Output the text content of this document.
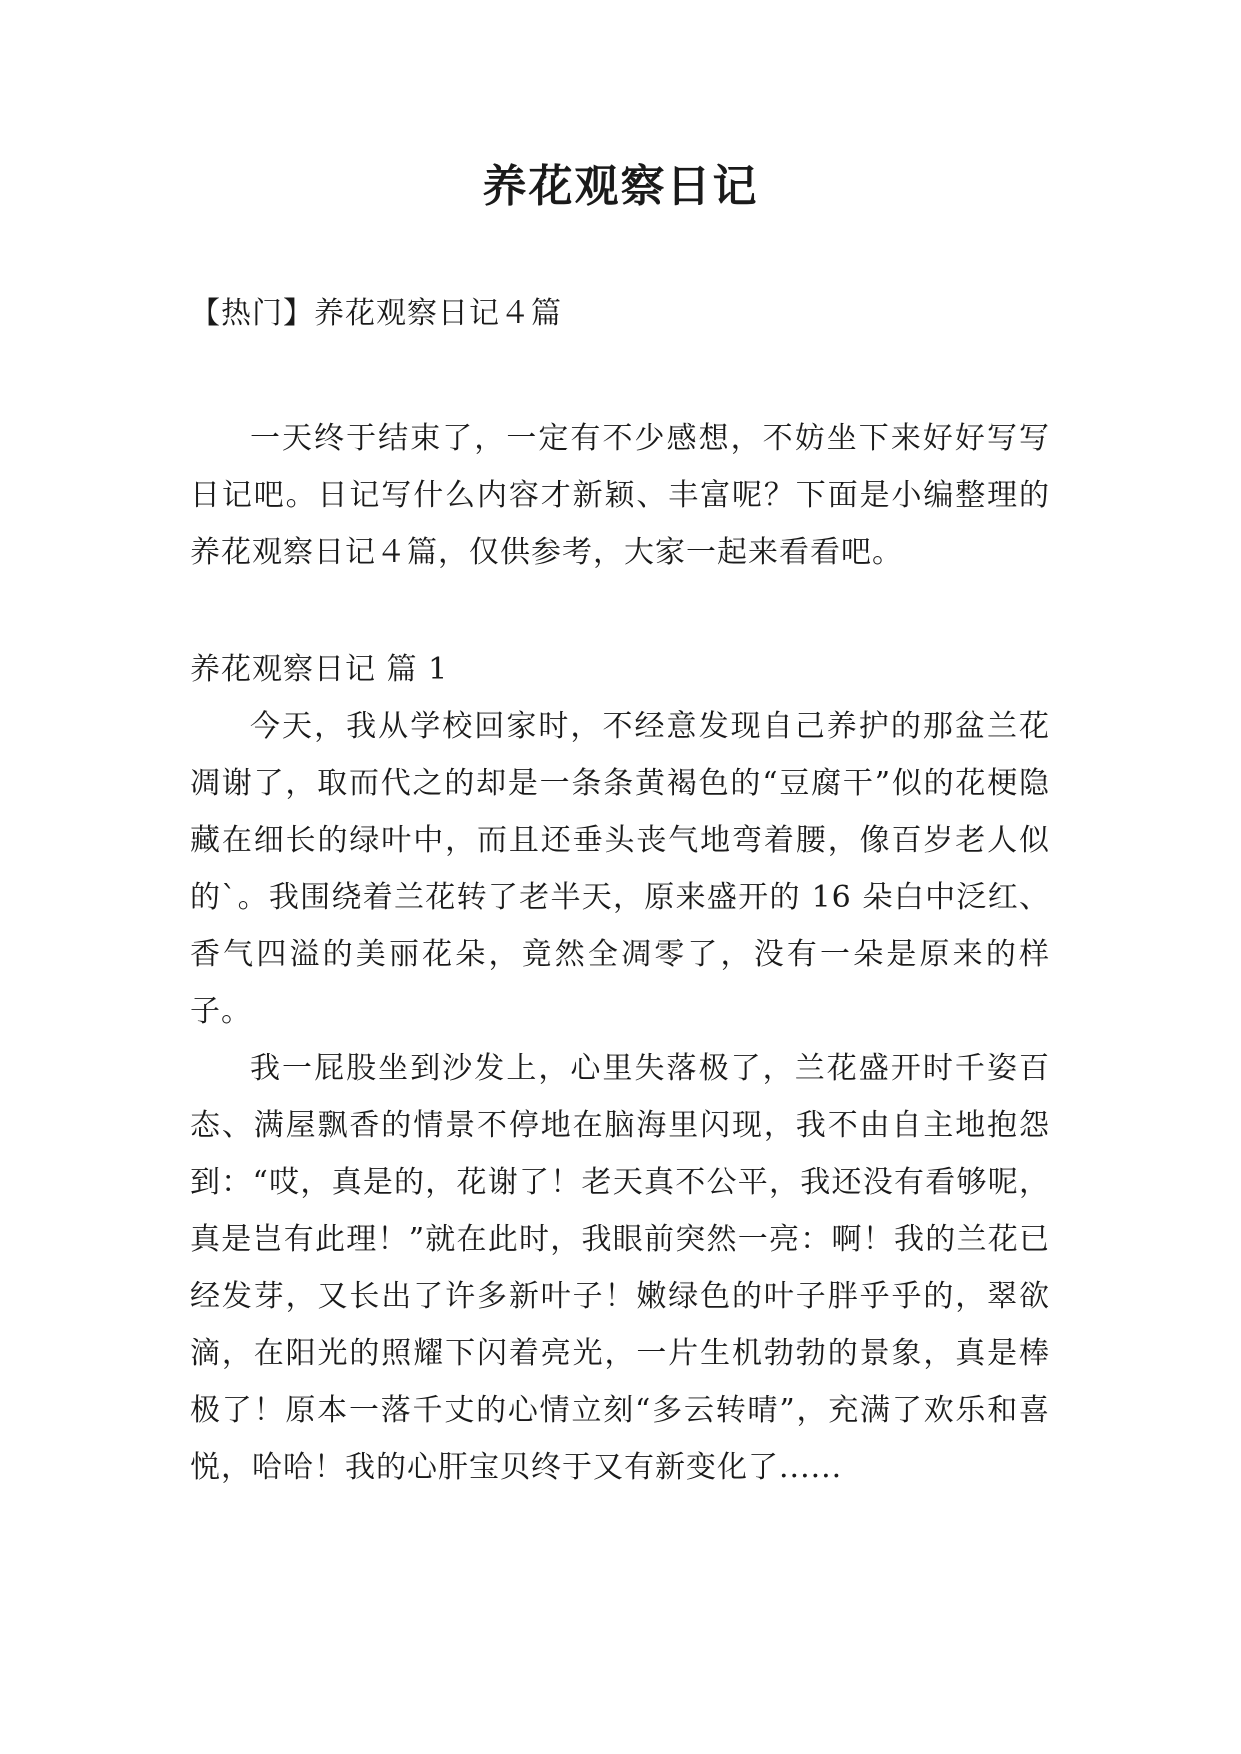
养花观察日记

【热门】养花观察日记４篇

一天终于结束了，一定有不少感想，不妨坐下来好好写写日记吧。日记写什么内容才新颖、丰富呢？下面是小编整理的养花观察日记４篇，仅供参考，大家一起来看看吧。

养花观察日记 篇 1

今天，我从学校回家时，不经意发现自己养护的那盆兰花凋谢了，取而代之的却是一条条黄褐色的“豆腐干”似的花梗隐藏在细长的绿叶中，而且还垂头丧气地弯着腰，像百岁老人似的`。我围绕着兰花转了老半天，原来盛开的 16 朵白中泛红、香气四溢的美丽花朵，竟然全凋零了，没有一朵是原来的样子。

我一屁股坐到沙发上，心里失落极了，兰花盛开时千姿百态、满屋飘香的情景不停地在脑海里闪现，我不由自主地抱怨到：“哎，真是的，花谢了！老天真不公平，我还没有看够呢，真是岂有此理！”就在此时，我眼前突然一亮：啊！我的兰花已经发芽，又长出了许多新叶子！嫩绿色的叶子胖乎乎的，翠欲滴，在阳光的照耀下闪着亮光，一片生机勃勃的景象，真是棒极了！原本一落千丈的心情立刻“多云转晴”，充满了欢乐和喜悦，哈哈！我的心肝宝贝终于又有新变化了......
